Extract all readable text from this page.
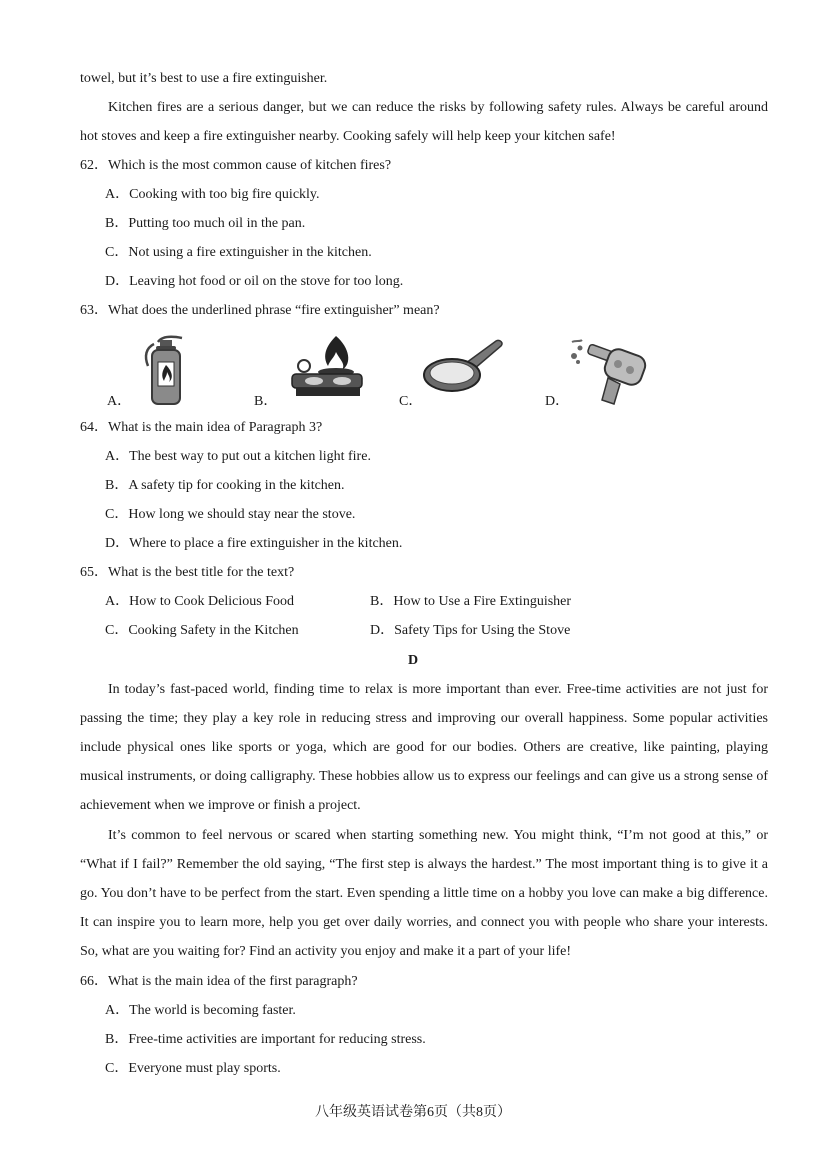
towel, but it’s best to use a fire extinguisher.

Kitchen fires are a serious danger, but we can reduce the risks by following safety rules. Always be careful around hot stoves and keep a fire extinguisher nearby. Cooking safely will help keep your kitchen safe!

62．Which is the most common cause of kitchen fires?
A．Cooking with too big fire quickly.
B．Putting too much oil in the pan.
C．Not using a fire extinguisher in the kitchen.
D．Leaving hot food or oil on the stove for too long.
63．What does the underlined phrase “fire extinguisher” mean?
A．	B．	C．	D．
64．What is the main idea of Paragraph 3?
A．The best way to put out a kitchen light fire.
B．A safety tip for cooking in the kitchen.
C．How long we should stay near the stove.
D．Where to place a fire extinguisher in the kitchen.
65．What is the best title for the text?
A．How to Cook Delicious Food	B．How to Use a Fire Extinguisher
C．Cooking Safety in the Kitchen	D．Safety Tips for Using the Stove
D

In today’s fast-paced world, finding time to relax is more important than ever. Free-time activities are not just for passing the time; they play a key role in reducing stress and improving our overall happiness. Some popular activities include physical ones like sports or yoga, which are good for our bodies. Others are creative, like painting, playing musical instruments, or doing calligraphy. These hobbies allow us to express our feelings and can give us a strong sense of achievement when we improve or finish a project.

It’s common to feel nervous or scared when starting something new. You might think, “I’m not good at this,” or “What if I fail?” Remember the old saying, “The first step is always the hardest.” The most important thing is to give it a go. You don’t have to be perfect from the start. Even spending a little time on a hobby you love can make a big difference. It can inspire you to learn more, help you get over daily worries, and connect you with people who share your interests. So, what are you waiting for? Find an activity you enjoy and make it a part of your life!

66．What is the main idea of the first paragraph?
A．The world is becoming faster.
B．Free-time activities are important for reducing stress.
C．Everyone must play sports.
八年级英语试卷第6页（共8页）
